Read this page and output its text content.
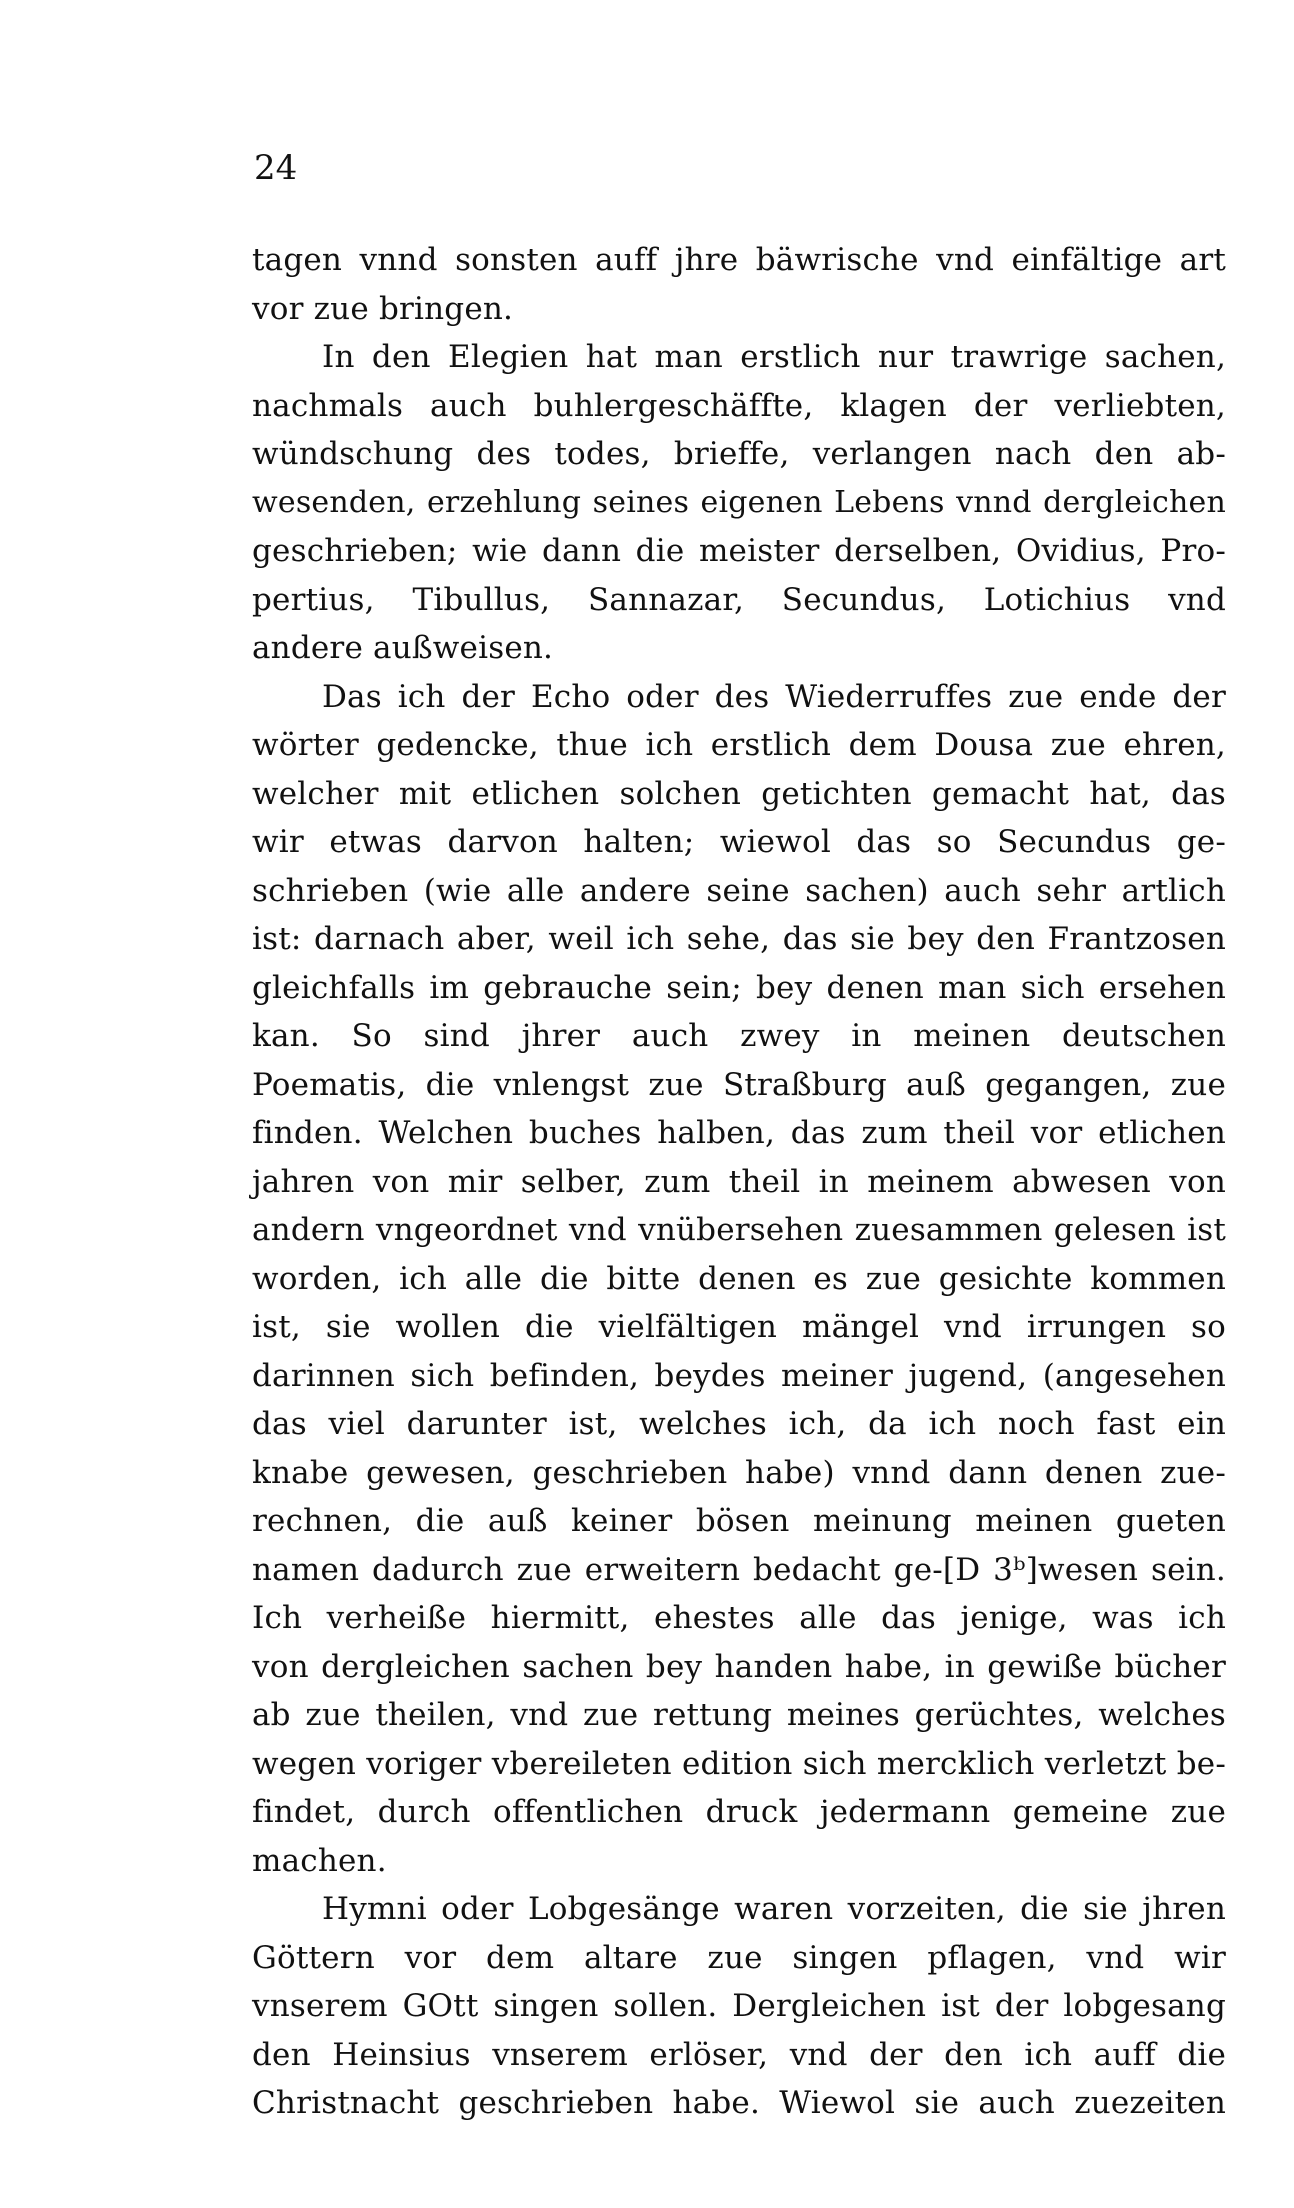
24

tagen vnnd sonsten auff jhre bäwrische vnd einfältige art
vor zue bringen.
In den Elegien hat man erstlich nur trawrige sachen,
nachmals auch buhlergeschäffte, klagen der verliebten,
wündschung des todes, brieffe, verlangen nach den ab-
wesenden, erzehlung seines eigenen Lebens vnnd dergleichen
geschrieben; wie dann die meister derselben, Ovidius, Pro-
pertius, Tibullus, Sannazar, Secundus, Lotichius vnd
andere außweisen.
Das ich der Echo oder des Wiederruffes zue ende der
wörter gedencke, thue ich erstlich dem Dousa zue ehren,
welcher mit etlichen solchen getichten gemacht hat, das
wir etwas darvon halten; wiewol das so Secundus ge-
schrieben (wie alle andere seine sachen) auch sehr artlich
ist: darnach aber, weil ich sehe, das sie bey den Frantzosen
gleichfalls im gebrauche sein; bey denen man sich ersehen
kan. So sind jhrer auch zwey in meinen deutschen
Poematis, die vnlengst zue Straßburg auß gegangen, zue
finden. Welchen buches halben, das zum theil vor etlichen
jahren von mir selber, zum theil in meinem abwesen von
andern vngeordnet vnd vnübersehen zuesammen gelesen ist
worden, ich alle die bitte denen es zue gesichte kommen
ist, sie wollen die vielfältigen mängel vnd irrungen so
darinnen sich befinden, beydes meiner jugend, (angesehen
das viel darunter ist, welches ich, da ich noch fast ein
knabe gewesen, geschrieben habe) vnnd dann denen zue-
rechnen, die auß keiner bösen meinung meinen gueten
namen dadurch zue erweitern bedacht ge-[D 3ᵇ]wesen sein.
Ich verheiße hiermitt, ehestes alle das jenige, was ich
von dergleichen sachen bey handen habe, in gewiße bücher
ab zue theilen, vnd zue rettung meines gerüchtes, welches
wegen voriger vbereileten edition sich mercklich verletzt be-
findet, durch offentlichen druck jedermann gemeine zue
machen.
Hymni oder Lobgesänge waren vorzeiten, die sie jhren
Göttern vor dem altare zue singen pflagen, vnd wir
vnserem GOtt singen sollen. Dergleichen ist der lobgesang
den Heinsius vnserem erlöser, vnd der den ich auff die
Christnacht geschrieben habe. Wiewol sie auch zuezeiten
